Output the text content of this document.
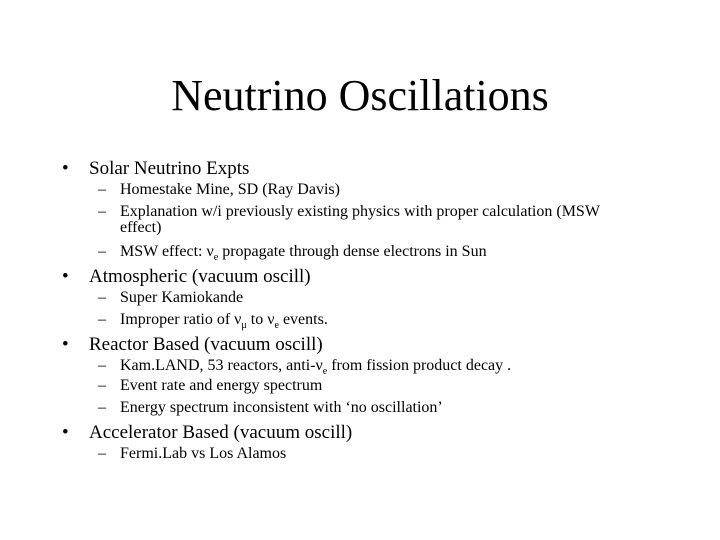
Neutrino Oscillations
• Solar Neutrino Expts
– Homestake Mine, SD (Ray Davis)
– Explanation w/i previously existing physics with proper calculation (MSW
effect)
– MSW effect: $\nu_e$ propagate through dense electrons in Sun
• Atmospheric (vacuum oscill)
– Super Kamiokande
– Improper ratio of $\nu_\mu$ to $\nu_e$ events.
• Reactor Based (vacuum oscill)
– Kam.LAND, 53 reactors, anti-$\nu_e$ from fission product decay .
– Event rate and energy spectrum
– Energy spectrum inconsistent with ‘no oscillation’
• Accelerator Based (vacuum oscill)
– Fermi.Lab vs Los Alamos
